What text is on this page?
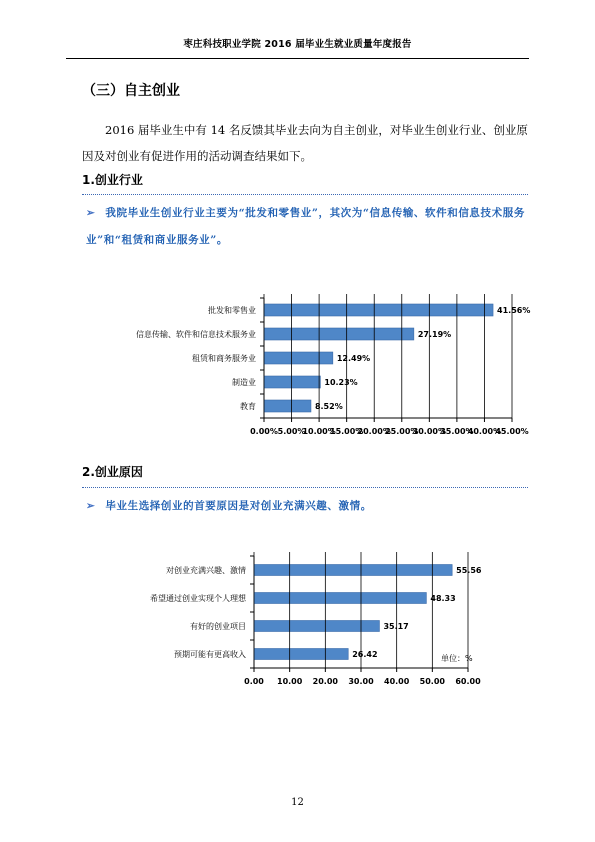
枣庄科技职业学院 2016 届毕业生就业质量年度报告
（三）自主创业
2016 届毕业生中有 14 名反馈其毕业去向为自主创业，对毕业生创业行业、创业原因及对创业有促进作用的活动调查结果如下。
1.创业行业
➢ 我院毕业生创业行业主要为“批发和零售业”，其次为“信息传输、软件和信息技术服务业”和“租赁和商业服务业”。
2.创业原因
➢ 毕业生选择创业的首要原因是对创业充满兴趣、激情。
批发和零售业	41.56%
信息传输、软件和信息技术服务业	27.19%
租赁和商务服务业	12.49%
制造业	10.23%
教育	8.52%
0.00% 5.00%
10.00%
15.00%
20.00%
25.00%
30.00%
35.00%
40.00%
45.00%
对创业充满兴趣、激情	55.56
希望通过创业实现个人理想	48.33
有好的创业项目	35.17
预期可能有更高收入	26.42
0.00 10.00 20.00 30.00 40.00 50.00 60.00
单位：%
12
